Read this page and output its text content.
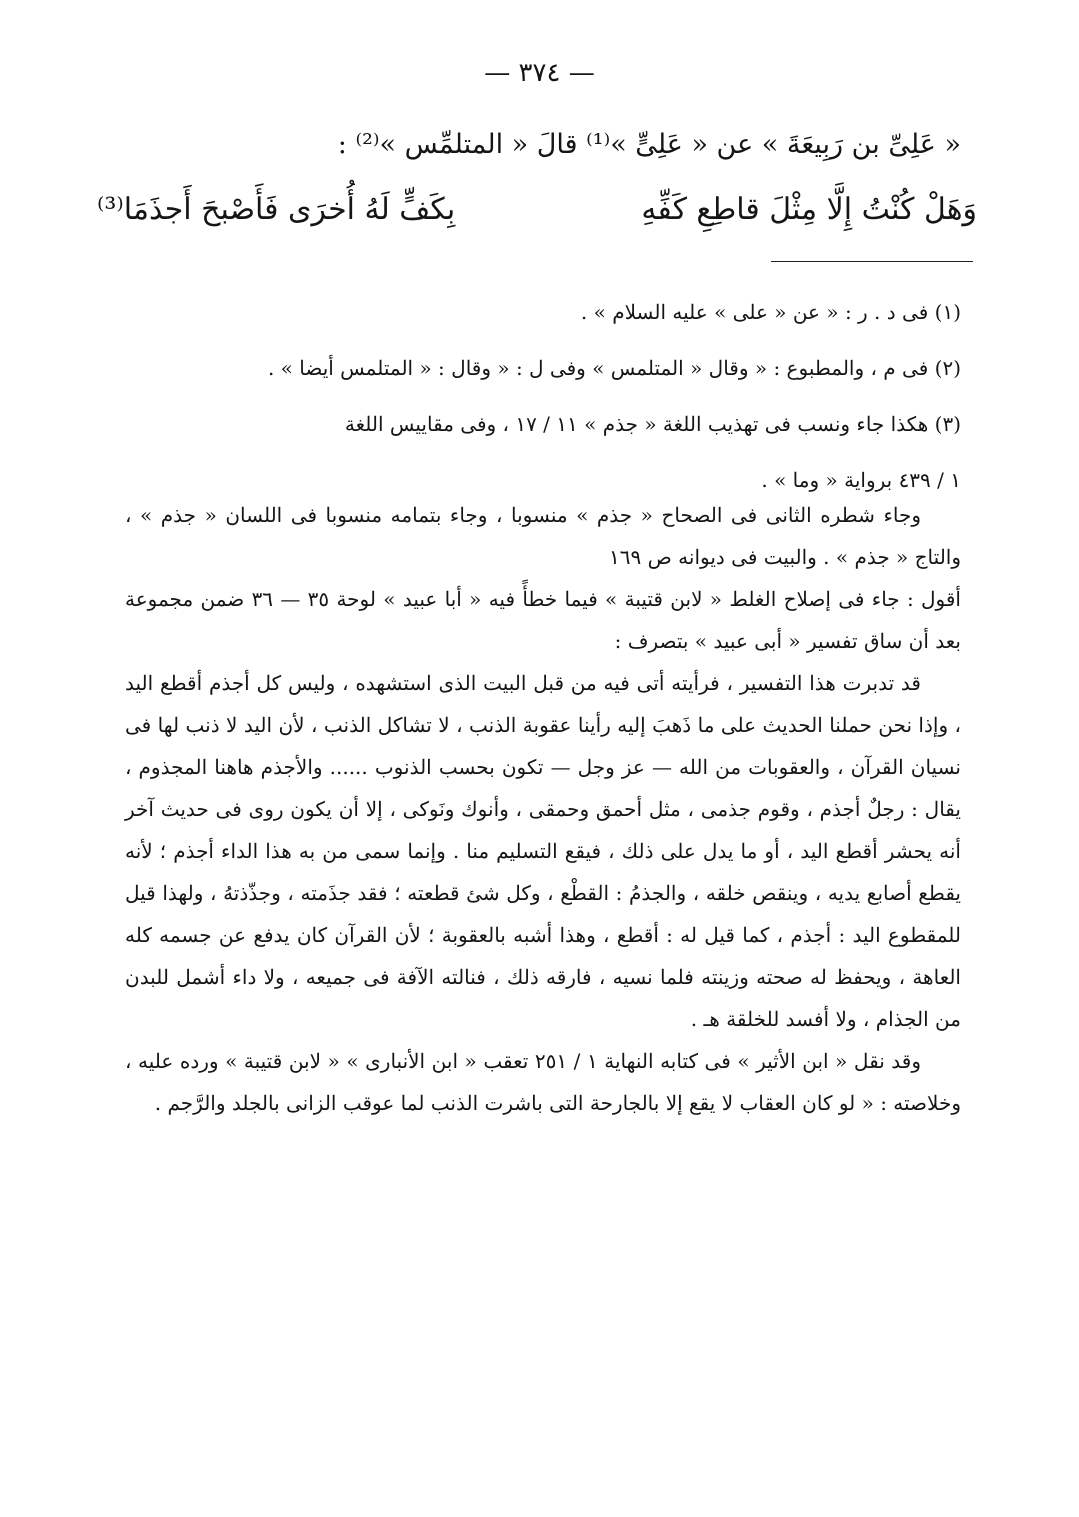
— ٣٧٤ —
« عَلِىِّ بن رَبِيعَةَ » عن « عَلِىٍّ »⁽¹⁾ قالَ « المتلمِّس »⁽²⁾ :
وَهَلْ كُنْتُ إِلَّا مِثْلَ قاطِعِ كَفِّهِ
بِكَفٍّ لَهُ أُخرَى فَأَصْبحَ أَجذَمَا⁽³⁾

(١) فى د . ر : « عن « على » عليه السلام » .

(٢) فى م ، والمطبوع : « وقال « المتلمس » وفى ل : « وقال : « المتلمس أيضا » .

(٣) هكذا جاء ونسب فى تهذيب اللغة « جذم » ١١ / ١٧ ، وفى مقاييس اللغة

١ / ٤٣٩ برواية « وما » .

وجاء شطره الثانى فى الصحاح « جذم » منسوبا ، وجاء بتمامه منسوبا فى اللسان « جذم » ، والتاج « جذم » . والبيت فى ديوانه ص ١٦٩

أقول : جاء فى إصلاح الغلط « لابن قتيبة » فيما خطأً فيه « أبا عبيد » لوحة ٣٥ — ٣٦ ضمن مجموعة بعد أن ساق تفسير « أبى عبيد » بتصرف :

قد تدبرت هذا التفسير ، فرأيته أتى فيه من قبل البيت الذى استشهده ، وليس كل أجذم أقطع اليد ، وإذا نحن حملنا الحديث على ما ذَهبَ إليه رأينا عقوبة الذنب ، لا تشاكل الذنب ، لأن اليد لا ذنب لها فى نسيان القرآن ، والعقوبات من الله — عز وجل — تكون بحسب الذنوب ...... والأجذم هاهنا المجذوم ، يقال : رجلٌ أجذم ، وقوم جذمى ، مثل أحمق وحمقى ، وأنوك ونَوكى ، إلا أن يكون روى فى حديث آخر أنه يحشر أقطع اليد ، أو ما يدل على ذلك ، فيقع التسليم منا . وإنما سمى من به هذا الداء أجذم ؛ لأنه يقطع أصابع يديه ، وينقص خلقه ، والجذمُ : القطْع ، وكل شئ قطعته ؛ فقد جذَمته ، وجذّذتهُ ، ولهذا قيل للمقطوع اليد : أجذم ، كما قيل له : أقطع ، وهذا أشبه بالعقوبة ؛ لأن القرآن كان يدفع عن جسمه كله العاهة ، ويحفظ له صحته وزينته فلما نسيه ، فارقه ذلك ، فنالته الآفة فى جميعه ، ولا داء أشمل للبدن من الجذام ، ولا أفسد للخلقة هـ .

وقد نقل « ابن الأثير » فى كتابه النهاية ١ / ٢٥١ تعقب « ابن الأنبارى » « لابن قتيبة » ورده عليه ، وخلاصته : « لو كان العقاب لا يقع إلا بالجارحة التى باشرت الذنب لما عوقب الزانى بالجلد والرَّجم .
